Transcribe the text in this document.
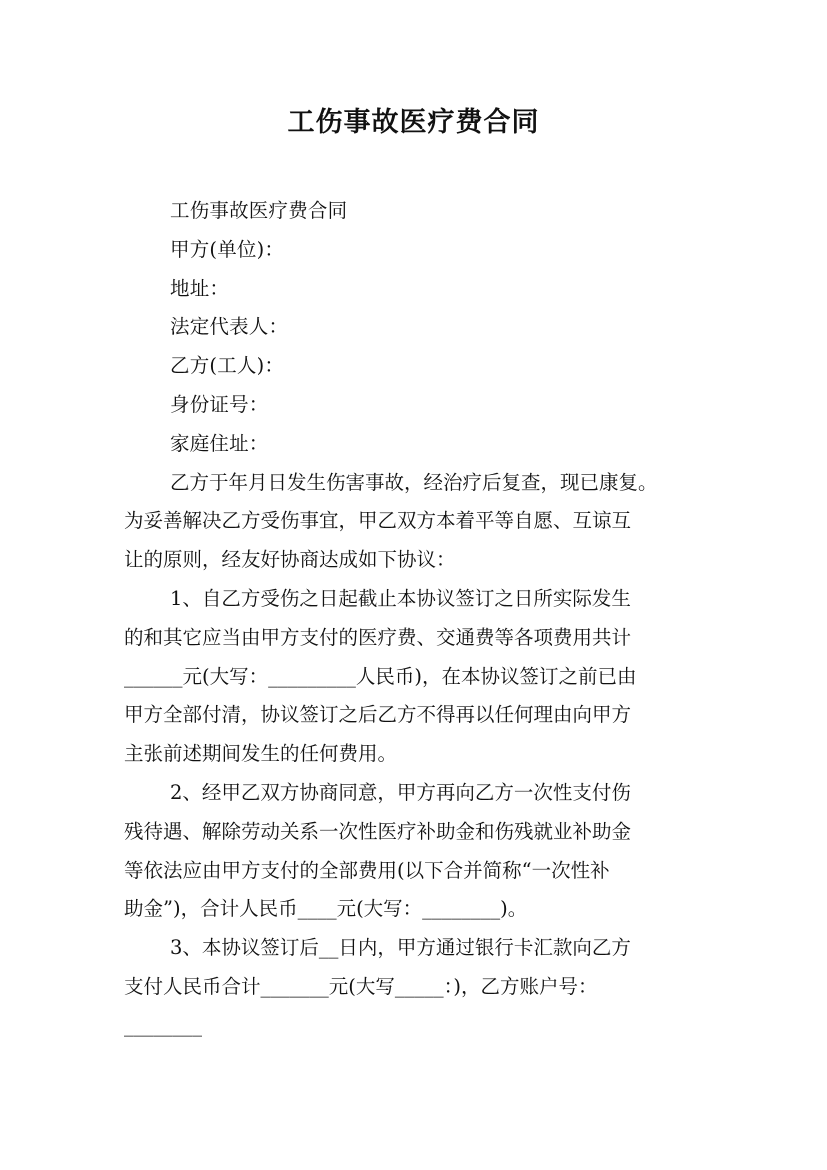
工伤事故医疗费合同
工伤事故医疗费合同
甲方(单位)：
地址：
法定代表人：
乙方(工人)：
身份证号：
家庭住址：
乙方于年月日发生伤害事故，经治疗后复查，现已康复。
为妥善解决乙方受伤事宜，甲乙双方本着平等自愿、互谅互
让的原则，经友好协商达成如下协议：
1、自乙方受伤之日起截止本协议签订之日所实际发生
的和其它应当由甲方支付的医疗费、交通费等各项费用共计
______元(大写：_________人民币)，在本协议签订之前已由
甲方全部付清，协议签订之后乙方不得再以任何理由向甲方
主张前述期间发生的任何费用。
2、经甲乙双方协商同意，甲方再向乙方一次性支付伤
残待遇、解除劳动关系一次性医疗补助金和伤残就业补助金
等依法应由甲方支付的全部费用(以下合并简称“一次性补
助金”)，合计人民币____元(大写：________)。
3、本协议签订后__日内，甲方通过银行卡汇款向乙方
支付人民币合计_______元(大写_____：)，乙方账户号：
________
